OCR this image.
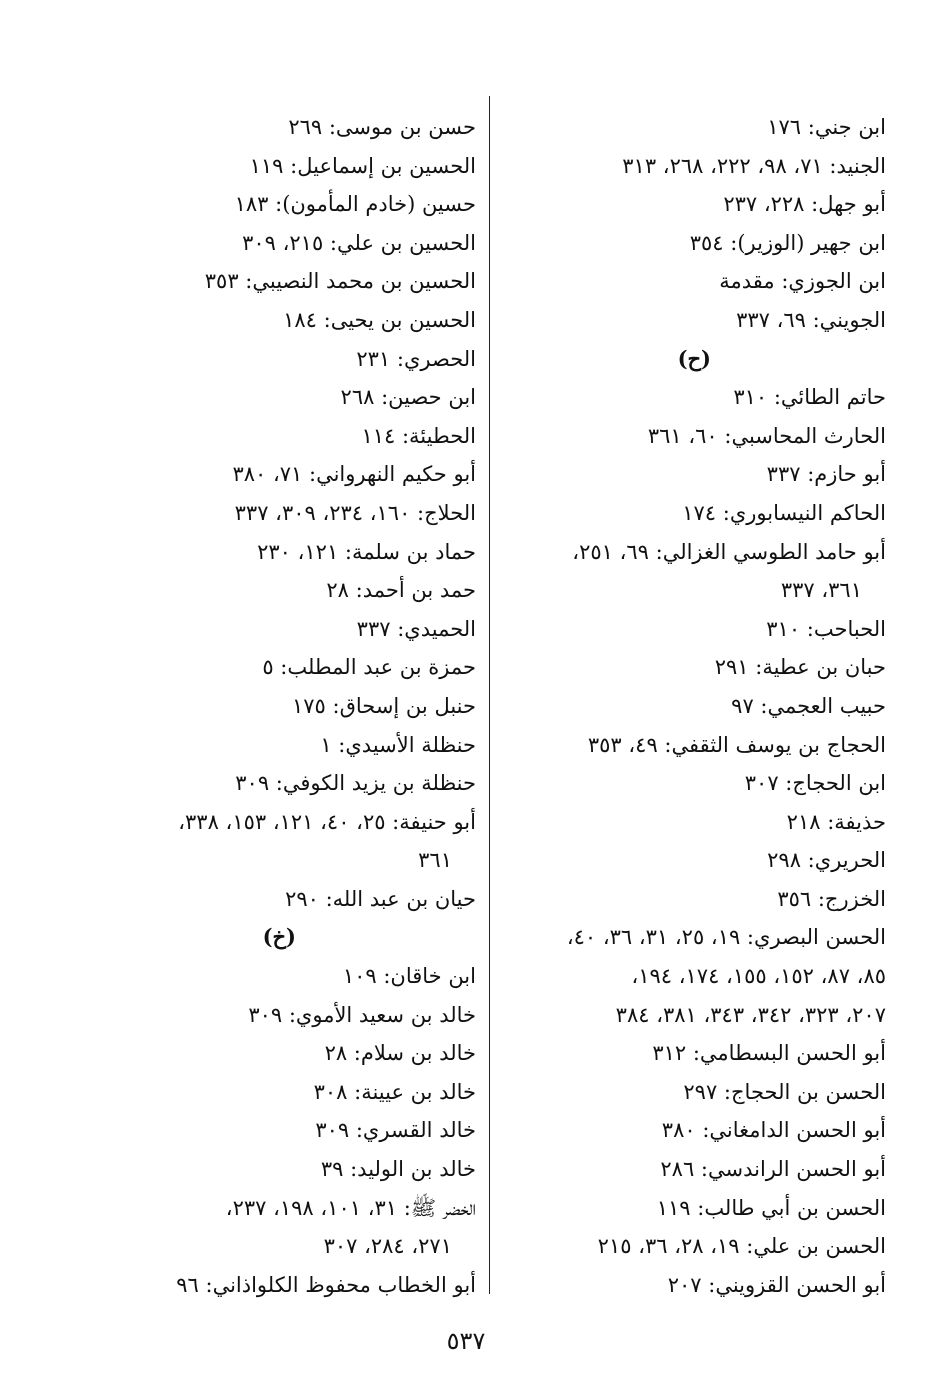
ابن جني: ١٧٦
الجنيد: ٧١، ٩٨، ٢٢٢، ٢٦٨، ٣١٣
أبو جهل: ٢٢٨، ٢٣٧
ابن جهير (الوزير): ٣٥٤
ابن الجوزي: مقدمة
الجويني: ٦٩، ٣٣٧
(ح)
حاتم الطائي: ٣١٠
الحارث المحاسبي: ٦٠، ٣٦١
أبو حازم: ٣٣٧
الحاكم النيسابوري: ١٧٤
أبو حامد الطوسي الغزالي: ٦٩، ٢٥١،
٣٦١، ٣٣٧
الحباحب: ٣١٠
حبان بن عطية: ٢٩١
حبيب العجمي: ٩٧
الحجاج بن يوسف الثقفي: ٤٩، ٣٥٣
ابن الحجاج: ٣٠٧
حذيفة: ٢١٨
الحريري: ٢٩٨
الخزرج: ٣٥٦
الحسن البصري: ١٩، ٢٥، ٣١، ٣٦، ٤٠،
٨٥، ٨٧، ١٥٢، ١٥٥، ١٧٤، ١٩٤،
٢٠٧، ٣٢٣، ٣٤٢، ٣٤٣، ٣٨١، ٣٨٤
أبو الحسن البسطامي: ٣١٢
الحسن بن الحجاج: ٢٩٧
أبو الحسن الدامغاني: ٣٨٠
أبو الحسن الراندسي: ٢٨٦
الحسن بن أبي طالب: ١١٩
الحسن بن علي: ١٩، ٢٨، ٣٦، ٢١٥
أبو الحسن القزويني: ٢٠٧
حسن بن موسى: ٢٦٩
الحسين بن إسماعيل: ١١٩
حسين (خادم المأمون): ١٨٣
الحسين بن علي: ٢١٥، ٣٠٩
الحسين بن محمد النصيبي: ٣٥٣
الحسين بن يحيى: ١٨٤
الحصري: ٢٣١
ابن حصين: ٢٦٨
الحطيئة: ١١٤
أبو حكيم النهرواني: ٧١، ٣٨٠
الحلاج: ١٦٠، ٢٣٤، ٣٠٩، ٣٣٧
حماد بن سلمة: ١٢١، ٢٣٠
حمد بن أحمد: ٢٨
الحميدي: ٣٣٧
حمزة بن عبد المطلب: ٥
حنبل بن إسحاق: ١٧٥
حنظلة الأسيدي: ١
حنظلة بن يزيد الكوفي: ٣٠٩
أبو حنيفة: ٢٥، ٤٠، ١٢١، ١٥٣، ٣٣٨،
٣٦١
حيان بن عبد الله: ٢٩٠
(خ)
ابن خاقان: ١٠٩
خالد بن سعيد الأموي: ٣٠٩
خالد بن سلام: ٢٨
خالد بن عيينة: ٣٠٨
خالد القسري: ٣٠٩
خالد بن الوليد: ٣٩
الخضر ﷺ: ٣١، ١٠١، ١٩٨، ٢٣٧،
٢٧١، ٢٨٤، ٣٠٧
أبو الخطاب محفوظ الكلواذاني: ٩٦
٥٣٧
